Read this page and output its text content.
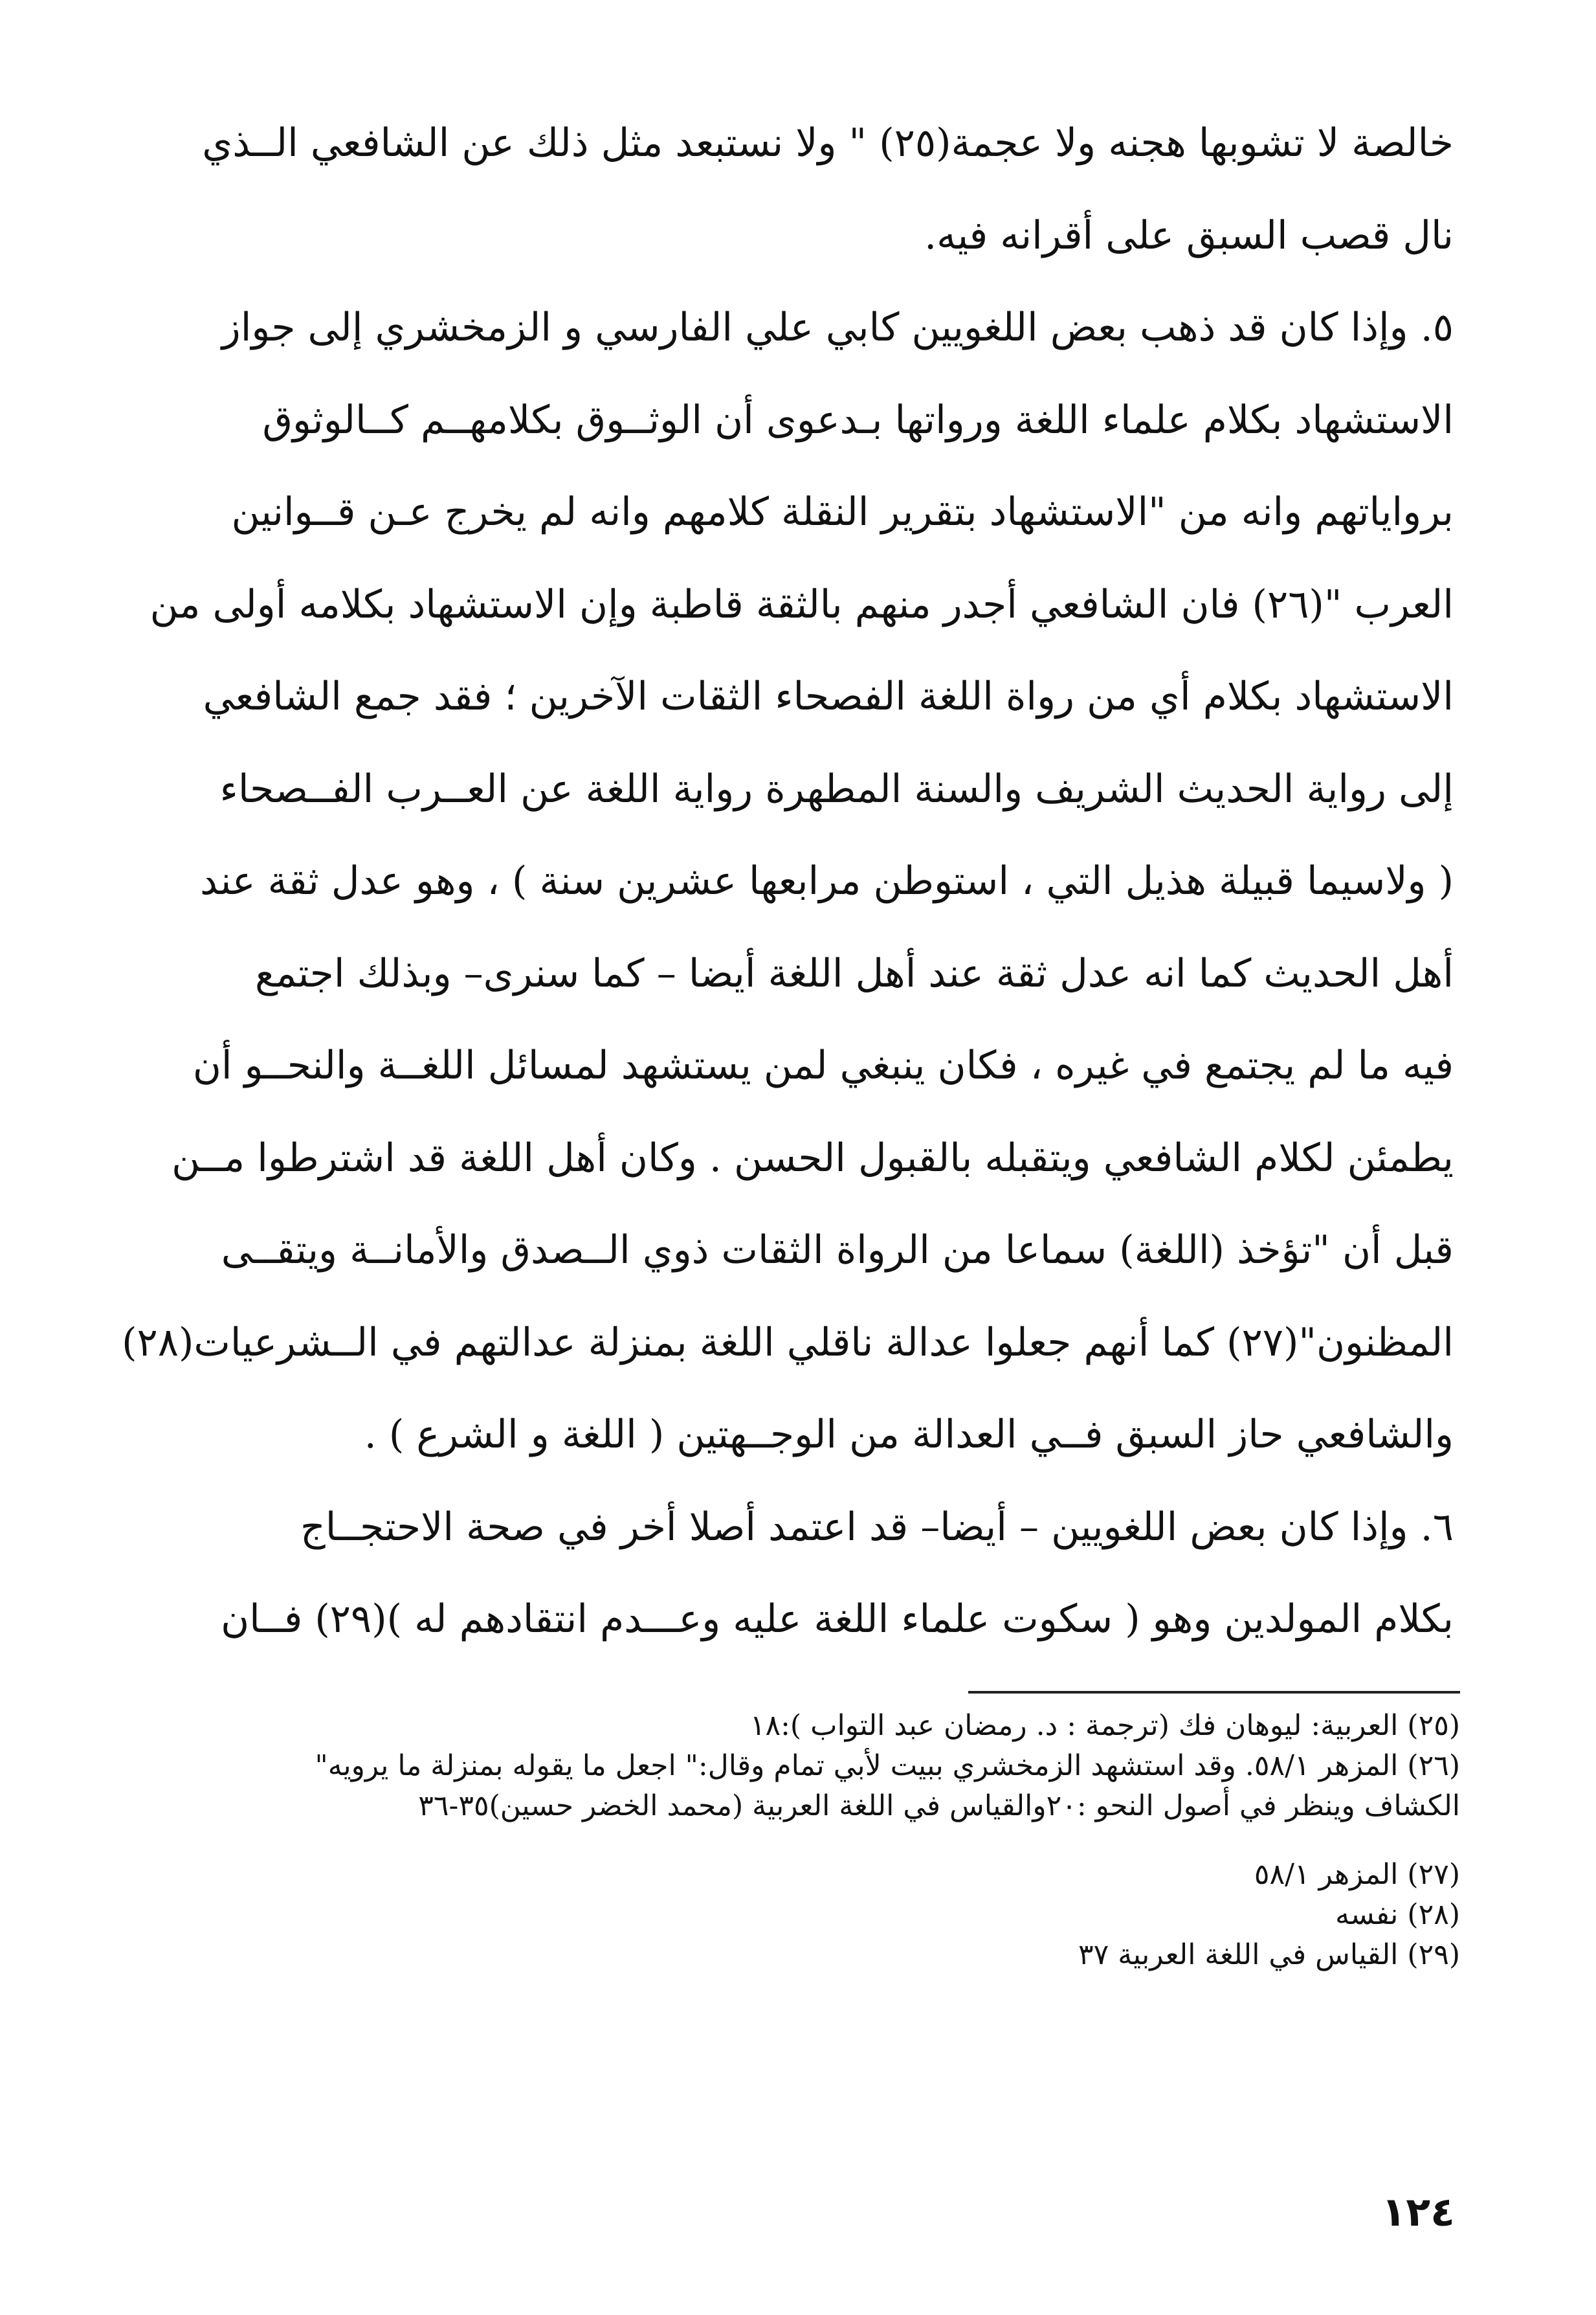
خالصة لا تشوبها هجنه ولا عجمة(٢٥) " ولا نستبعد مثل ذلك عن الشافعي الــذي
نال قصب السبق على أقرانه فيه.
٥. وإذا كان قد ذهب بعض اللغويين كابي علي الفارسي و الزمخشري إلى جواز
الاستشهاد بكلام علماء اللغة ورواتها بـدعوى أن الوثــوق بكلامهــم كــالوثوق
برواياتهم وانه من "الاستشهاد بتقرير النقلة كلامهم وانه لم يخرج عـن قــوانين
العرب "(٢٦) فان الشافعي أجدر منهم بالثقة قاطبة وإن الاستشهاد بكلامه أولى من
الاستشهاد بكلام أي من رواة اللغة الفصحاء الثقات الآخرين ؛ فقد جمع الشافعي
إلى رواية الحديث الشريف والسنة المطهرة رواية اللغة عن العــرب الفــصحاء
( ولاسيما قبيلة هذيل التي ، استوطن مرابعها عشرين سنة ) ، وهو عدل ثقة عند
أهل الحديث كما انه عدل ثقة عند أهل اللغة أيضا – كما سنرى– وبذلك اجتمع
فيه ما لم يجتمع في غيره ، فكان ينبغي لمن يستشهد لمسائل اللغــة والنحــو أن
يطمئن لكلام الشافعي ويتقبله بالقبول الحسن . وكان أهل اللغة قد اشترطوا مــن
قبل أن "تؤخذ (اللغة) سماعا من الرواة الثقات ذوي الــصدق والأمانــة ويتقــى
المظنون"(٢٧) كما أنهم جعلوا عدالة ناقلي اللغة بمنزلة عدالتهم في الــشرعيات(٢٨)
والشافعي حاز السبق فــي العدالة من الوجــهتين ( اللغة و الشرع ) .
٦. وإذا كان بعض اللغويين – أيضا– قد اعتمد أصلا أخر في صحة الاحتجــاج
بكلام المولدين وهو ( سكوت علماء اللغة عليه وعـــدم انتقادهم له )(٢٩) فــان
(٢٥) العربية: ليوهان فك (ترجمة : د. رمضان عبد التواب ):١٨
(٢٦) المزهر ٥٨/١. وقد استشهد الزمخشري ببيت لأبي تمام وقال:" اجعل ما يقوله بمنزلة ما يرويه"
الكشاف وينظر في أصول النحو :٢٠والقياس في اللغة العربية (محمد الخضر حسين)٣٥-٣٦
(٢٧) المزهر ٥٨/١
(٢٨) نفسه
(٢٩) القياس في اللغة العربية ٣٧
١٢٤
